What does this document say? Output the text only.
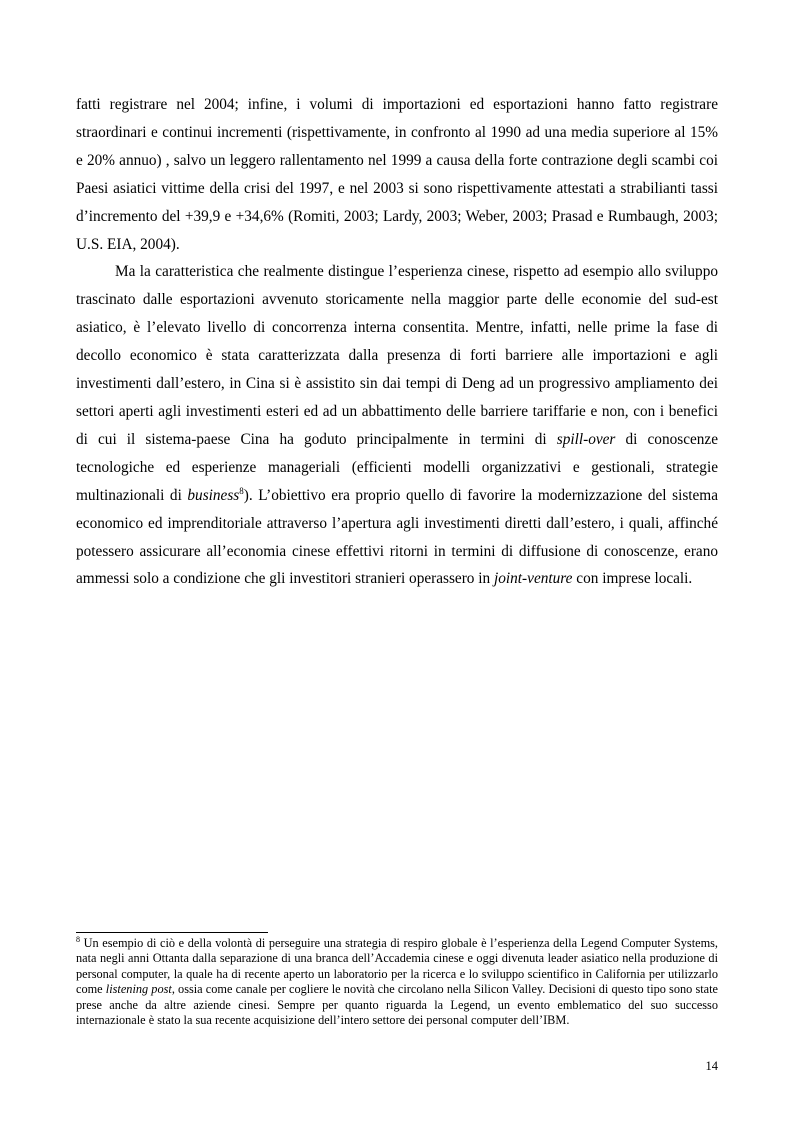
fatti registrare nel 2004; infine, i volumi di importazioni ed esportazioni hanno fatto registrare straordinari e continui incrementi (rispettivamente, in confronto al 1990 ad una media superiore al 15% e 20% annuo) , salvo un leggero rallentamento nel 1999 a causa della forte contrazione degli scambi coi Paesi asiatici vittime della crisi del 1997, e nel 2003 si sono rispettivamente attestati a strabilianti tassi d’incremento del +39,9 e +34,6% (Romiti, 2003; Lardy, 2003; Weber, 2003; Prasad e Rumbaugh, 2003; U.S. EIA, 2004).

Ma la caratteristica che realmente distingue l’esperienza cinese, rispetto ad esempio allo sviluppo trascinato dalle esportazioni avvenuto storicamente nella maggior parte delle economie del sud-est asiatico, è l’elevato livello di concorrenza interna consentita. Mentre, infatti, nelle prime la fase di decollo economico è stata caratterizzata dalla presenza di forti barriere alle importazioni e agli investimenti dall’estero, in Cina si è assistito sin dai tempi di Deng ad un progressivo ampliamento dei settori aperti agli investimenti esteri ed ad un abbattimento delle barriere tariffarie e non, con i benefici di cui il sistema-paese Cina ha goduto principalmente in termini di spill-over di conoscenze tecnologiche ed esperienze manageriali (efficienti modelli organizzativi e gestionali, strategie multinazionali di business$^8$). L’obiettivo era proprio quello di favorire la modernizzazione del sistema economico ed imprenditoriale attraverso l’apertura agli investimenti diretti dall’estero, i quali, affinché potessero assicurare all’economia cinese effettivi ritorni in termini di diffusione di conoscenze, erano ammessi solo a condizione che gli investitori stranieri operassero in joint-venture con imprese locali.

$^8$ Un esempio di ciò e della volontà di perseguire una strategia di respiro globale è l’esperienza della Legend Computer Systems, nata negli anni Ottanta dalla separazione di una branca dell’Accademia cinese e oggi divenuta leader asiatico nella produzione di personal computer, la quale ha di recente aperto un laboratorio per la ricerca e lo sviluppo scientifico in California per utilizzarlo come listening post, ossia come canale per cogliere le novità che circolano nella Silicon Valley. Decisioni di questo tipo sono state prese anche da altre aziende cinesi. Sempre per quanto riguarda la Legend, un evento emblematico del suo successo internazionale è stato la sua recente acquisizione dell’intero settore dei personal computer dell’IBM.

14
